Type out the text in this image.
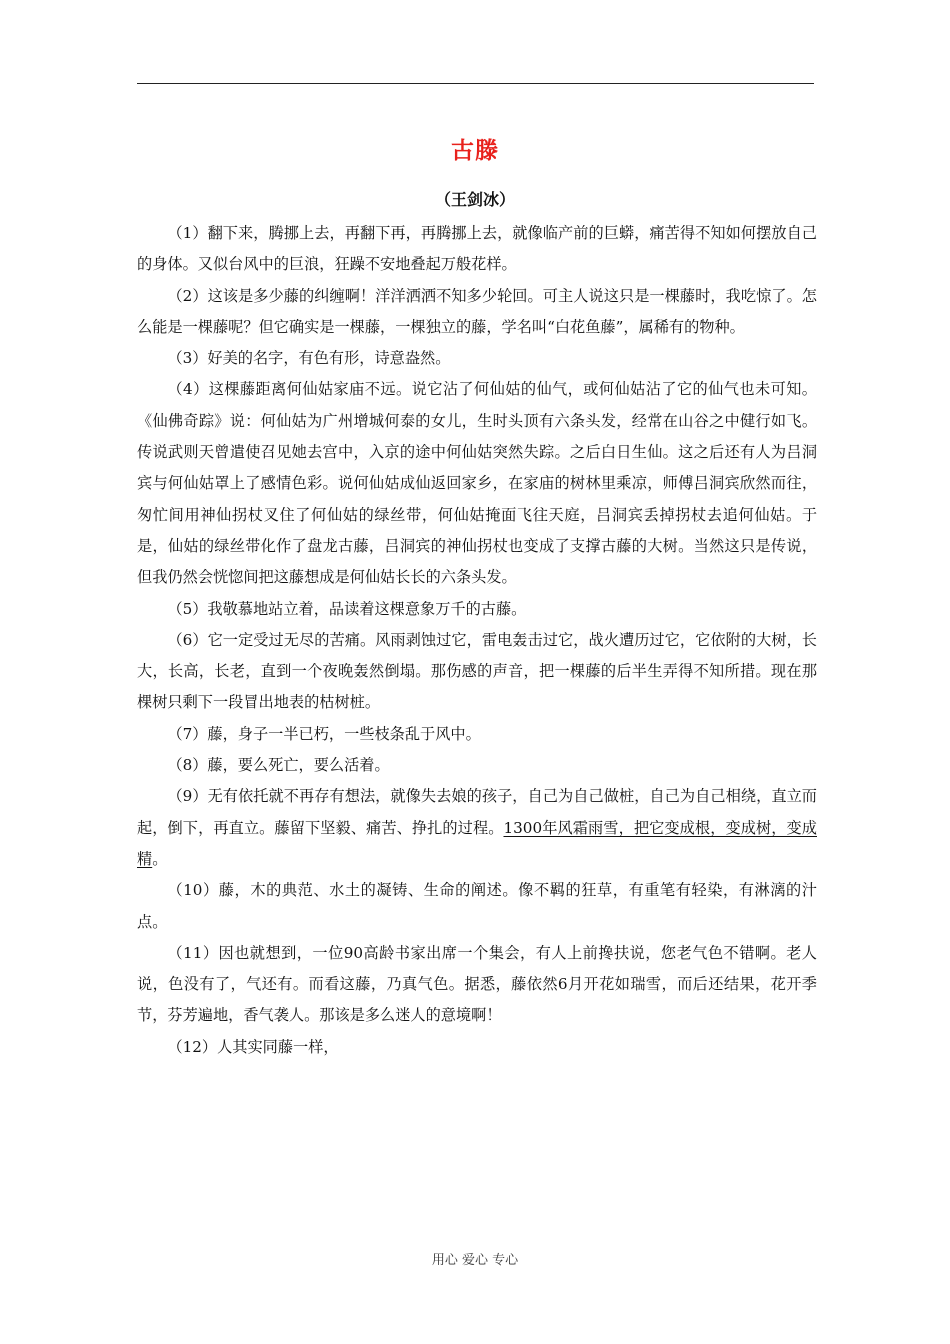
古滕
（王剑冰）

（1）翻下来，腾挪上去，再翻下再，再腾挪上去，就像临产前的巨蟒，痛苦得不知如何摆放自己的身体。又似台风中的巨浪，狂躁不安地叠起万般花样。

（2）这该是多少藤的纠缠啊！洋洋洒洒不知多少轮回。可主人说这只是一棵藤时，我吃惊了。怎么能是一棵藤呢？但它确实是一棵藤，一棵独立的藤，学名叫“白花鱼藤”，属稀有的物种。

（3）好美的名字，有色有形，诗意盎然。

（4）这棵藤距离何仙姑家庙不远。说它沾了何仙姑的仙气，或何仙姑沾了它的仙气也未可知。《仙佛奇踪》说：何仙姑为广州增城何泰的女儿，生时头顶有六条头发，经常在山谷之中健行如飞。传说武则天曾遣使召见她去宫中，入京的途中何仙姑突然失踪。之后白日生仙。这之后还有人为吕洞宾与何仙姑罩上了感情色彩。说何仙姑成仙返回家乡，在家庙的树林里乘凉，师傅吕洞宾欣然而往，匆忙间用神仙拐杖叉住了何仙姑的绿丝带，何仙姑掩面飞往天庭，吕洞宾丢掉拐杖去追何仙姑。于是，仙姑的绿丝带化作了盘龙古藤，吕洞宾的神仙拐杖也变成了支撑古藤的大树。当然这只是传说，但我仍然会恍惚间把这藤想成是何仙姑长长的六条头发。

（5）我敬慕地站立着，品读着这棵意象万千的古藤。

（6）它一定受过无尽的苦痛。风雨剥蚀过它，雷电轰击过它，战火遭历过它，它依附的大树，长大，长高，长老，直到一个夜晚轰然倒塌。那伤感的声音，把一棵藤的后半生弄得不知所措。现在那棵树只剩下一段冒出地表的枯树桩。

（7）藤，身子一半已朽，一些枝条乱于风中。

（8）藤，要么死亡，要么活着。

（9）无有依托就不再存有想法，就像失去娘的孩子，自己为自己做桩，自己为自己相绕，直立而起，倒下，再直立。藤留下坚毅、痛苦、挣扎的过程。1300年风霜雨雪，把它变成根，变成树，变成精。

（10）藤，木的典范、水土的凝铸、生命的阐述。像不羁的狂草，有重笔有轻染，有淋漓的汁点。

（11）因也就想到，一位90高龄书家出席一个集会，有人上前搀扶说，您老气色不错啊。老人说，色没有了，气还有。而看这藤，乃真气色。据悉，藤依然6月开花如瑞雪，而后还结果，花开季节，芬芳遍地，香气袭人。那该是多么迷人的意境啊！

（12）人其实同藤一样，

用心 爱心 专心
